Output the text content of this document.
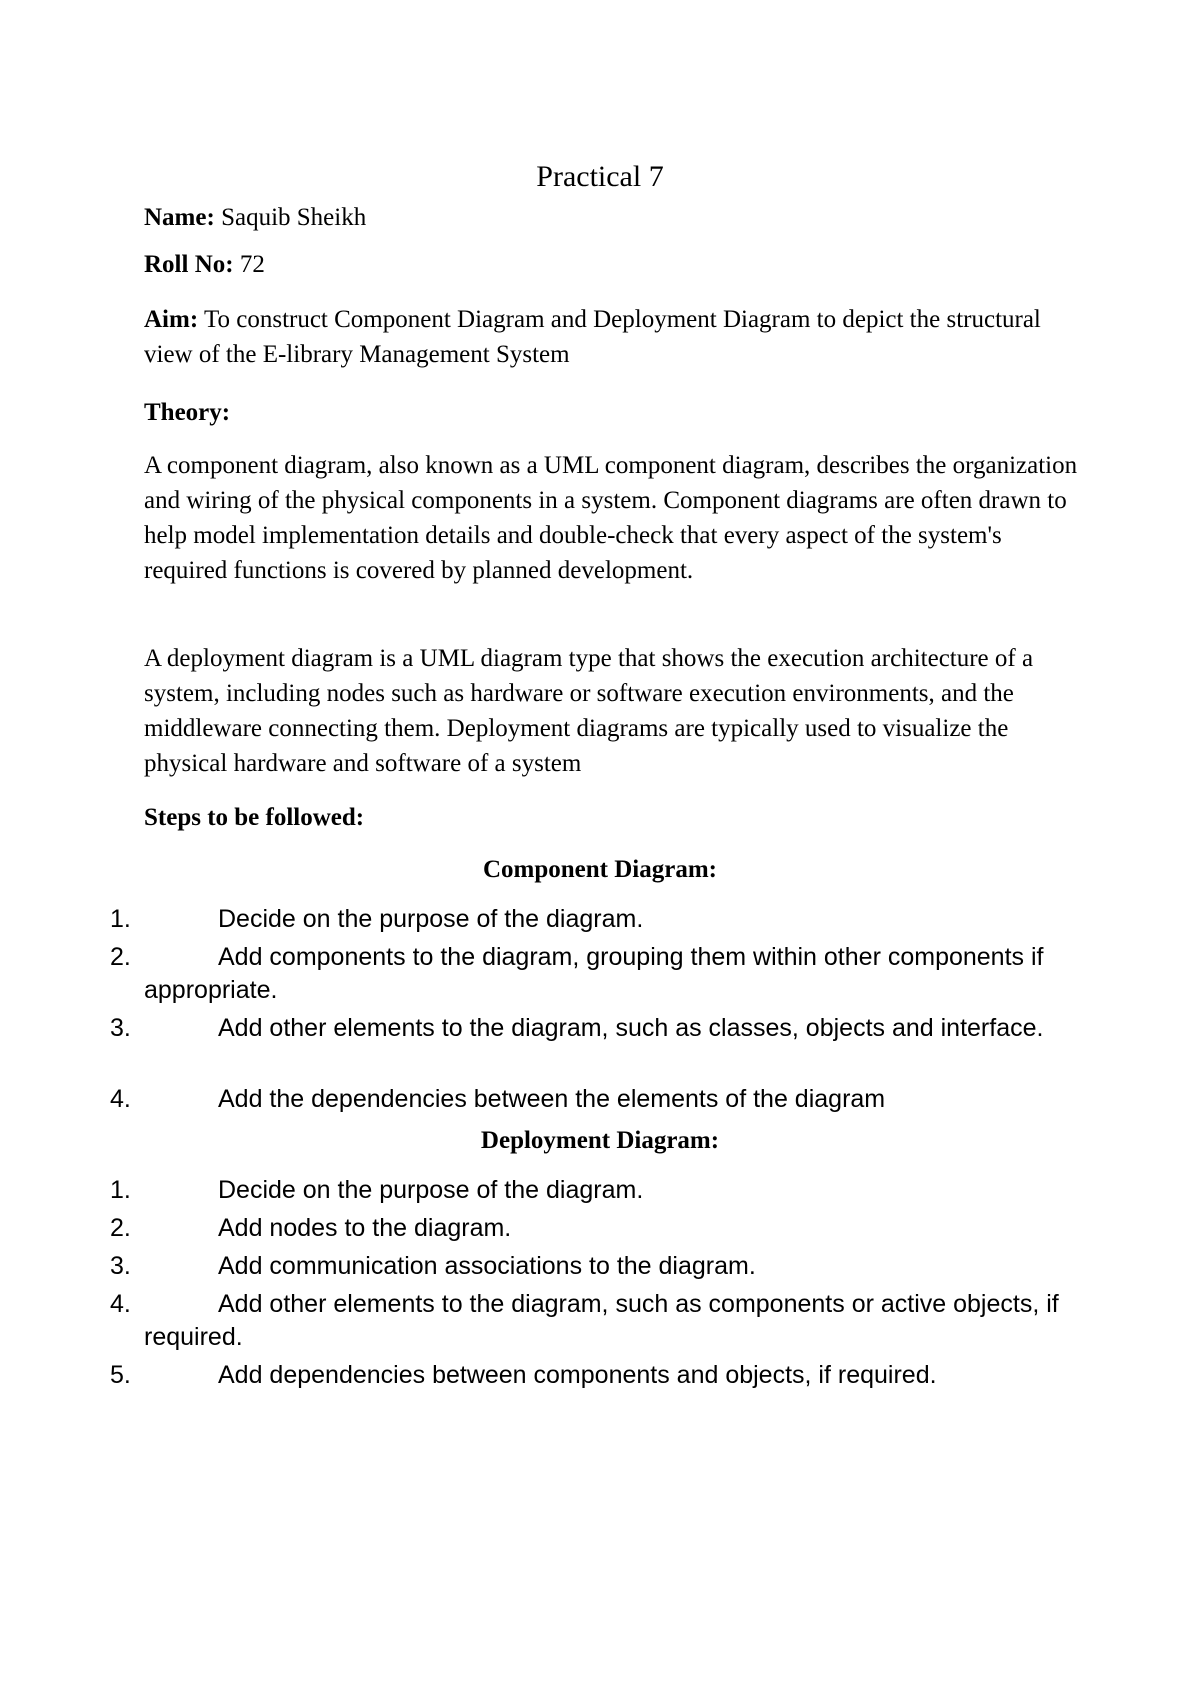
Practical 7

Name: Saquib Sheikh

Roll No: 72

Aim: To construct Component Diagram and Deployment Diagram to depict the structural view of the E-library Management System

Theory:

A component diagram, also known as a UML component diagram, describes the organization and wiring of the physical components in a system. Component diagrams are often drawn to help model implementation details and double-check that every aspect of the system's required functions is covered by planned development.

A deployment diagram is a UML diagram type that shows the execution architecture of a system, including nodes such as hardware or software execution environments, and the middleware connecting them. Deployment diagrams are typically used to visualize the physical hardware and software of a system

Steps to be followed:

Component Diagram:
1.	Decide on the purpose of the diagram.
2.	Add components to the diagram, grouping them within other components if appropriate.
3.	Add other elements to the diagram, such as classes, objects and interface.
4.	Add the dependencies between the elements of the diagram
Deployment Diagram:
1.	Decide on the purpose of the diagram.
2.	Add nodes to the diagram.
3.	Add communication associations to the diagram.
4.	Add other elements to the diagram, such as components or active objects, if required.
5.	Add dependencies between components and objects, if required.
